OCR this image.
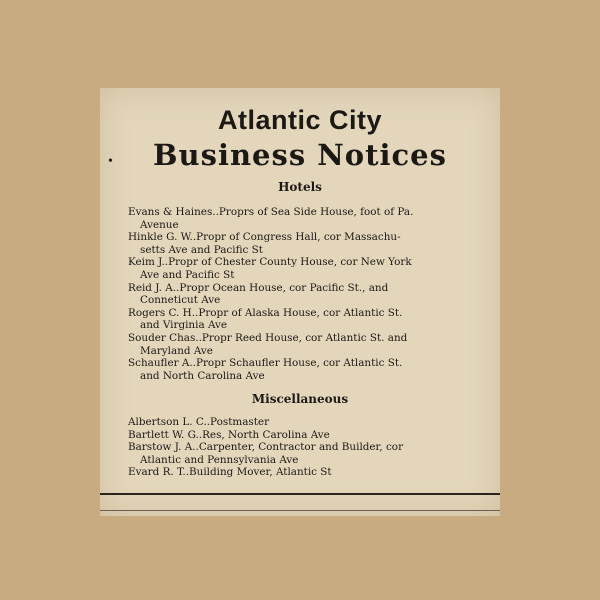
Atlantic City
•	Business Notices
Hotels
Evans & Haines..Proprs of Sea Side House, foot of Pa.
Avenue
Hinkle G. W..Propr of Congress Hall, cor Massachu-
setts Ave and Pacific St
Keim J..Propr of Chester County House, cor New York
Ave and Pacific St
Reid J. A..Propr Ocean House, cor Pacific St., and
Conneticut Ave
Rogers C. H..Propr of Alaska House, cor Atlantic St.
and Virginia Ave
Souder Chas..Propr Reed House, cor Atlantic St. and
Maryland Ave
Schaufler A..Propr Schaufler House, cor Atlantic St.
and North Carolina Ave
Miscellaneous
Albertson L. C..Postmaster
Bartlett W. G..Res, North Carolina Ave
Barstow J. A..Carpenter, Contractor and Builder, cor
Atlantic and Pennsylvania Ave
Evard R. T..Building Mover, Atlantic St
